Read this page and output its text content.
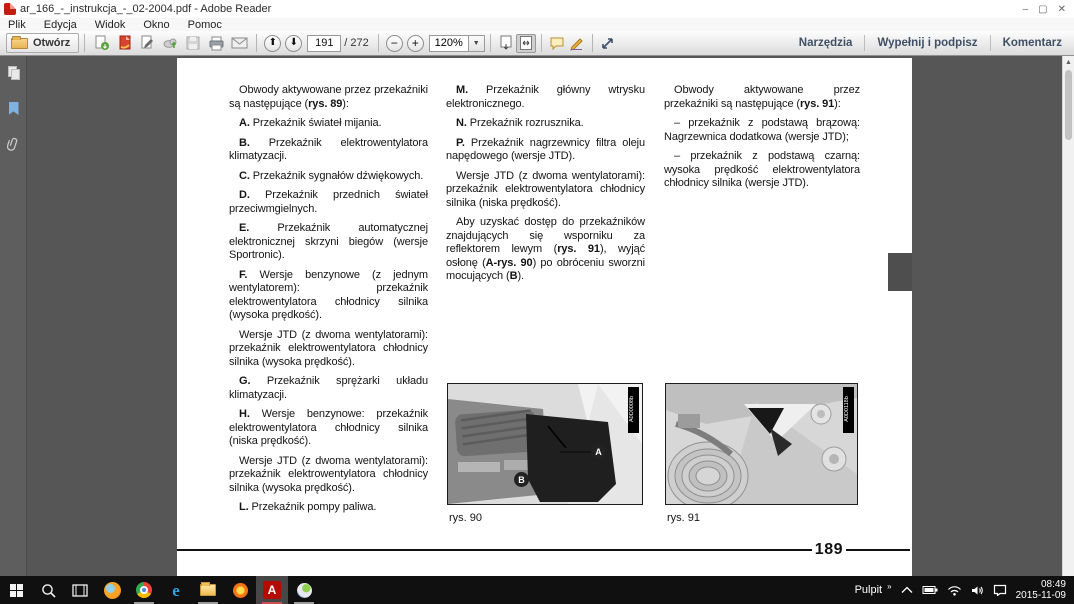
ar_166_-_instrukcja_-_02-2004.pdf - Adobe Reader	– ▢ ✕
Plik Edycja Widok Okno Pomoc
Otwórz	⬆ ⬇
191	/ 272 − +	120%	▼	Narzędzia	Wypełnij i podpisz	Komentarz

Obwody aktywowane przez przekaźniki są następujące (rys. 89):

A. Przekaźnik świateł mijania.

B. Przekaźnik elektrowentylatora klimatyzacji.

C. Przekaźnik sygnałów dźwiękowych.

D. Przekaźnik przednich świateł przeciwmgielnych.

E. Przekaźnik automatycznej elektronicznej skrzyni biegów (wersje Sportronic).

F. Wersje benzynowe (z jednym wentylatorem): przekaźnik elektrowentylatora chłodnicy silnika (wysoka prędkość).

Wersje JTD (z dwoma wentylatorami): przekaźnik elektrowentylatora chłodnicy silnika (wysoka prędkość).

G. Przekaźnik sprężarki układu klimatyzacji.

H. Wersje benzynowe: przekaźnik elektrowentylatora chłodnicy silnika (niska prędkość).

Wersje JTD (z dwoma wentylatorami): przekaźnik elektrowentylatora chłodnicy silnika (wysoka prędkość).

L. Przekaźnik pompy paliwa.

M. Przekaźnik główny wtrysku elektronicznego.

N. Przekaźnik rozrusznika.

P. Przekaźnik nagrzewnicy filtra oleju napędowego (wersje JTD).

Wersje JTD (z dwoma wentylatorami): przekaźnik elektrowentylatora chłodnicy silnika (niska prędkość).

Aby uzyskać dostęp do przekaźników znajdujących się wsporniku za reflektorem lewym (rys. 91), wyjąć osłonę (A-rys. 90) po obróceniu sworzni mocujących (B).

Obwody aktywowane przez przekaźniki są następujące (rys. 91):

– przekaźnik z podstawą brązową: Nagrzewnica dodatkowa (wersje JTD);

– przekaźnik z podstawą czarną: wysoka prędkość elektrowentylatora chłodnicy silnika (wersje JTD).

A
B
A0D0008b
rys. 90
A0D0118b
rys. 91
189
▲
e	A	Pulpit »	08:49
2015-11-09
